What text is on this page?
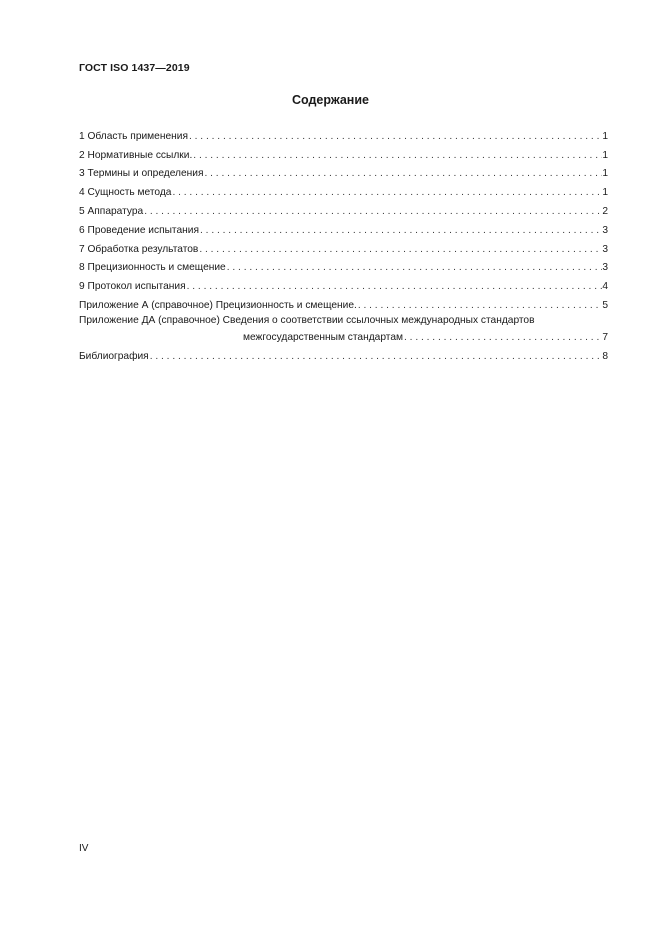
ГОСТ ISO 1437—2019
Содержание
1 Область применения . . .	1
2 Нормативные ссылки. . . .	1
3 Термины и определения . . .	1
4 Сущность метода . . .	1
5 Аппаратура . . .	2
6 Проведение испытания . . .	3
7 Обработка результатов . . .	3
8 Прецизионность и смещение . . .	3
9 Протокол испытания . . .	4
Приложение А (справочное) Прецизионность и смещение. . . .	5
Приложение ДА (справочное) Сведения о соответствии ссылочных международных стандартов
межгосударственным стандартам . . .	7
Библиография . . .	8
IV
